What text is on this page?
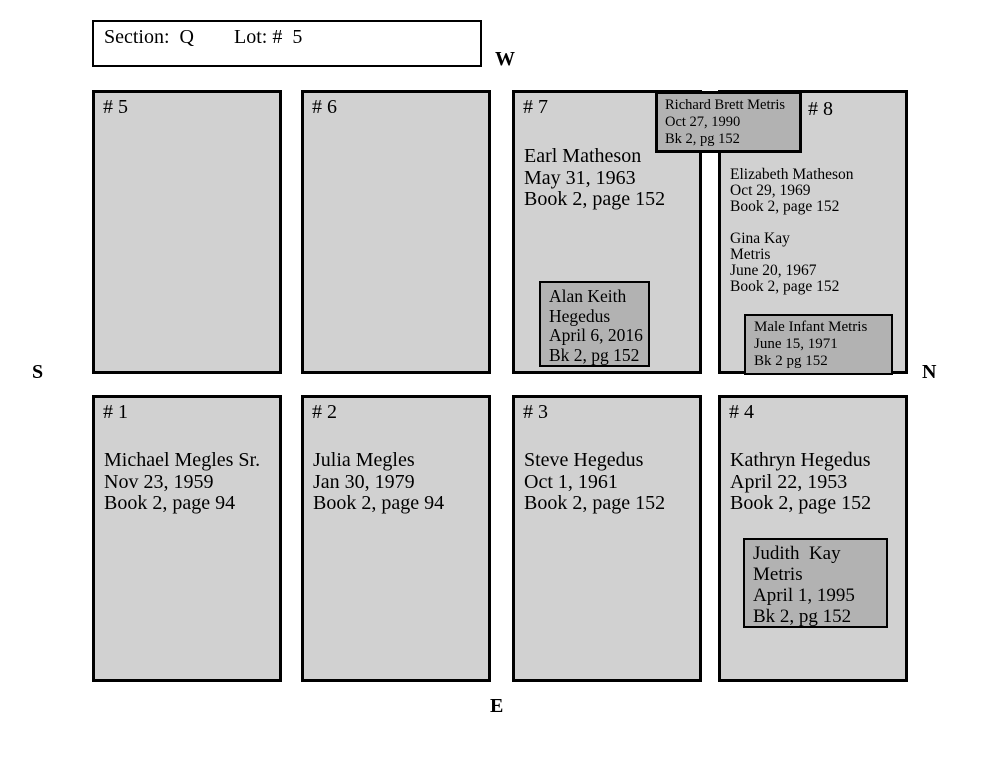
Section:  Q Lot: #  5
W
S	N
E
# 5	# 6	# 7
Earl Matheson
May 31, 1963
Book 2, page 152
Alan Keith
Hegedus
April 6, 2016
Bk 2, pg 152
# 8
Elizabeth Matheson
Oct 29, 1969
Book 2, page 152
Gina Kay
Metris
June 20, 1967
Book 2, page 152
Male Infant Metris
June 15, 1971
Bk 2 pg 152
Richard Brett Metris
Oct 27, 1990
Bk 2, pg 152
# 1
Michael Megles Sr.
Nov 23, 1959
Book 2, page 94
# 2
Julia Megles
Jan 30, 1979
Book 2, page 94
# 3
Steve Hegedus
Oct 1, 1961
Book 2, page 152
# 4
Kathryn Hegedus
April 22, 1953
Book 2, page 152
Judith  Kay
Metris
April 1, 1995
Bk 2, pg 152
